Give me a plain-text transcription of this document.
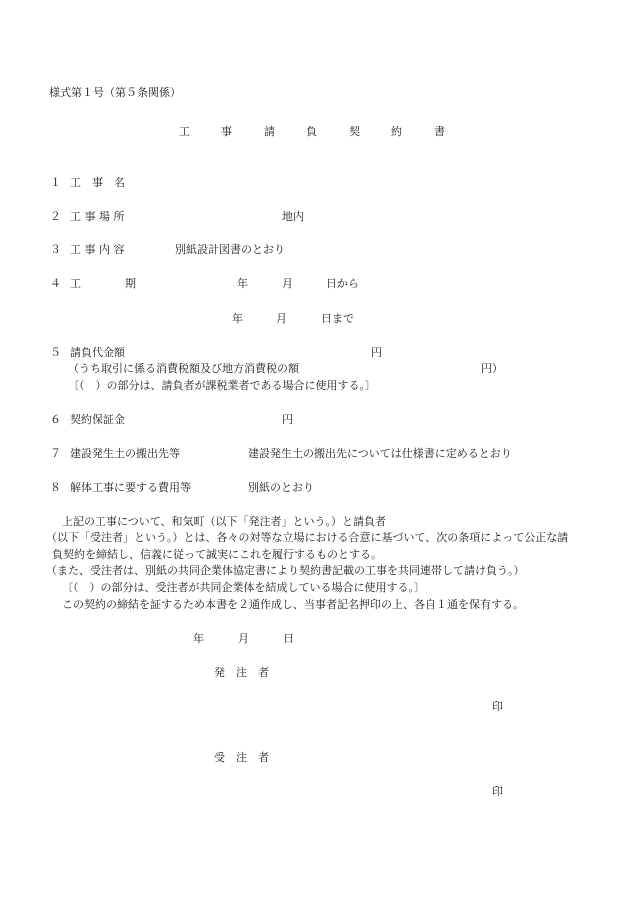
様式第１号（第５条関係）
工	事	請	負	契	約	書
１ 工　事　名
２ 工 事 場 所	地内
３ 工 事 内 容	別紙設計図書のとおり
４ 工	期	年	月	日から
年	月	日まで
５ 請負代金額	円
（うち取引に係る消費税額及び地方消費税の額	円）
〔（　）の部分は、請負者が課税業者である場合に使用する。〕
６ 契約保証金	円
７ 建設発生土の搬出先等	建設発生土の搬出先については仕様書に定めるとおり
８ 解体工事に要する費用等	別紙のとおり
上記の工事について、和気町（以下「発注者」という。）と請負者
（以下「受注者」という。）とは、各々の対等な立場における合意に基づいて、次の条項によって公正な請
負契約を締結し、信義に従って誠実にこれを履行するものとする。
（また、受注者は、別紙の共同企業体協定書により契約書記載の工事を共同連帯して請け負う。）
〔（　）の部分は、受注者が共同企業体を結成している場合に使用する。〕
この契約の締結を証するため本書を２通作成し、当事者記名押印の上、各自１通を保有する。
年	月	日
発　注　者
印
受　注　者
印
